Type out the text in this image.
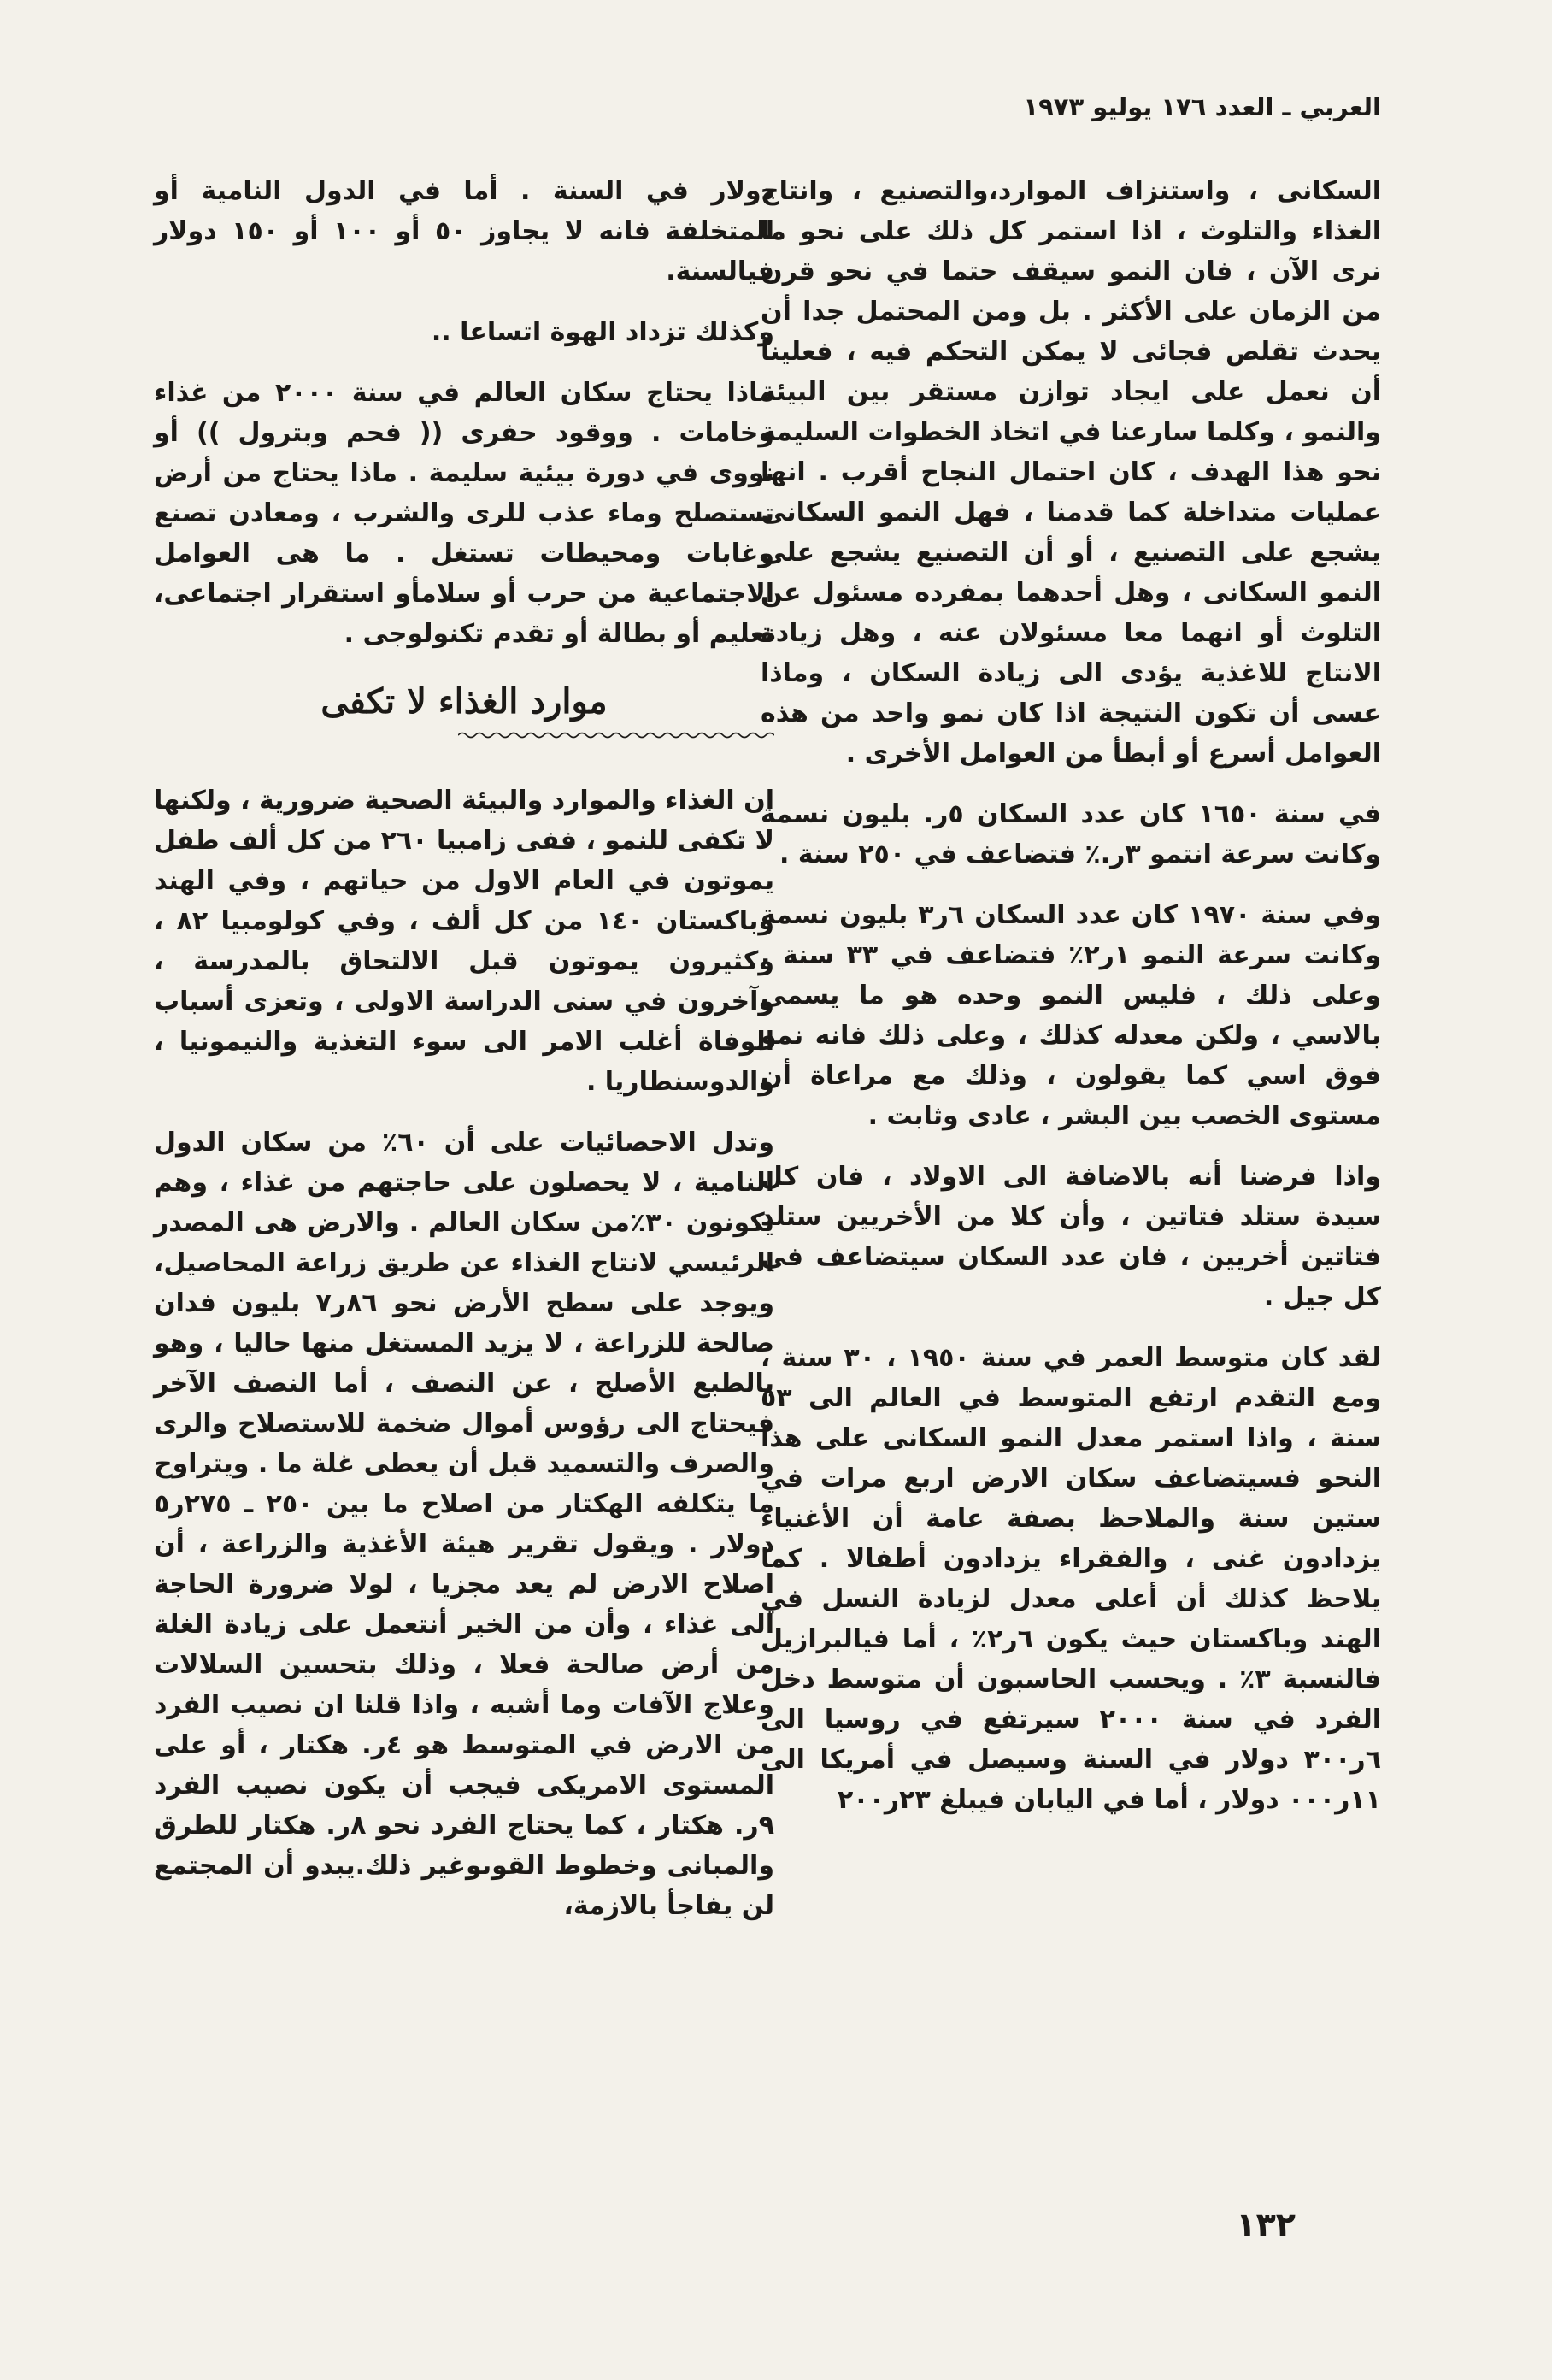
العربي ـ العدد ١٧٦ يوليو ١٩٧٣

السكانى ، واستنزاف الموارد،والتصنيع ، وانتاج الغذاء والتلوث ، اذا استمر كل ذلك على نحو ما نرى الآن ، فان النمو سيقف حتما في نحو قرن من الزمان على الأكثر . بل ومن المحتمل جدا أن يحدث تقلص فجائى لا يمكن التحكم فيه ، فعلينا أن نعمل على ايجاد توازن مستقر بين البيئة والنمو ، وكلما سارعنا في اتخاذ الخطوات السليمة نحو هذا الهدف ، كان احتمال النجاح أقرب . انها عمليات متداخلة كما قدمنا ، فهل النمو السكانى يشجع على التصنيع ، أو أن التصنيع يشجع على النمو السكانى ، وهل أحدهما بمفرده مسئول عن التلوث أو انهما معا مسئولان عنه ، وهل زيادة الانتاج للاغذية يؤدى الى زيادة السكان ، وماذا عسى أن تكون النتيجة اذا كان نمو واحد من هذه العوامل أسرع أو أبطأ من العوامل الأخرى .

في سنة ١٦٥٠ كان عدد السكان ٥ر. بليون نسمة وكانت سرعة انتمو ٣ر.٪ فتضاعف في ٢٥٠ سنة .

وفي سنة ١٩٧٠ كان عدد السكان ٦ر٣ بليون نسمة وكانت سرعة النمو ١ر٢٪ فتضاعف في ٣٣ سنة . وعلى ذلك ، فليس النمو وحده هو ما يسمى بالاسي ، ولكن معدله كذلك ، وعلى ذلك فانه نمو فوق اسي كما يقولون ، وذلك مع مراعاة أن مستوى الخصب بين البشر ، عادى وثابت .

واذا فرضنا أنه بالاضافة الى الاولاد ، فان كل سيدة ستلد فتاتين ، وأن كلا من الأخريين ستلد فتاتين أخريين ، فان عدد السكان سيتضاعف في كل جيل .

لقد كان متوسط العمر في سنة ١٩٥٠ ، ٣٠ سنة ، ومع التقدم ارتفع المتوسط في العالم الى ٥٣ سنة ، واذا استمر معدل النمو السكانى على هذا النحو فسيتضاعف سكان الارض اربع مرات في ستين سنة والملاحظ بصفة عامة أن الأغنياء يزدادون غنى ، والفقراء يزدادون أطفالا . كما يلاحظ كذلك أن أعلى معدل لزيادة النسل في الهند وباكستان حيث يكون ٦ر٢٪ ، أما فيالبرازيل فالنسبة ٣٪ . ويحسب الحاسبون أن متوسط دخل الفرد في سنة ٢٠٠٠ سيرتفع في روسيا الى ٦ر٣٠٠ دولار في السنة وسيصل في أمريكا الى ١١ر٠٠٠ دولار ، أما في اليابان فيبلغ ٢٣ر٢٠٠

دولار في السنة . أما في الدول النامية أو المتخلفة فانه لا يجاوز ٥٠ أو ١٠٠ أو ١٥٠ دولار فيالسنة.

وكذلك تزداد الهوة اتساعا ..

ماذا يحتاج سكان العالم في سنة ٢٠٠٠ من غذاء وخامات . ووقود حفرى (( فحم وبترول )) أو نووى في دورة بيئية سليمة . ماذا يحتاج من أرض تستصلح وماء عذب للرى والشرب ، ومعادن تصنع وغابات ومحيطات تستغل . ما هى العوامل الاجتماعية من حرب أو سلامأو استقرار اجتماعى، تعليم أو بطالة أو تقدم تكنولوجى .

موارد الغذاء لا تكفى

ان الغذاء والموارد والبيئة الصحية ضرورية ، ولكنها لا تكفى للنمو ، ففى زامبيا ٢٦٠ من كل ألف طفل يموتون في العام الاول من حياتهم ، وفي الهند وباكستان ١٤٠ من كل ألف ، وفي كولومبيا ٨٢ ، وكثيرون يموتون قبل الالتحاق بالمدرسة ، وآخرون في سنى الدراسة الاولى ، وتعزى أسباب الوفاة أغلب الامر الى سوء التغذية والنيمونيا ، والدوسنطاريا .

وتدل الاحصائيات على أن ٦٠٪ من سكان الدول النامية ، لا يحصلون على حاجتهم من غذاء ، وهم يكونون ٣٠٪من سكان العالم . والارض هى المصدر الرئيسي لانتاج الغذاء عن طريق زراعة المحاصيل، ويوجد على سطح الأرض نحو ٨٦ر٧ بليون فدان صالحة للزراعة ، لا يزيد المستغل منها حاليا ، وهو بالطبع الأصلح ، عن النصف ، أما النصف الآخر فيحتاج الى رؤوس أموال ضخمة للاستصلاح والرى والصرف والتسميد قبل أن يعطى غلة ما . ويتراوح ما يتكلفه الهكتار من اصلاح ما بين ٢٥٠ ـ ٢٧٥ر٥ دولار . ويقول تقرير هيئة الأغذية والزراعة ، أن اصلاح الارض لم يعد مجزيا ، لولا ضرورة الحاجة الى غذاء ، وأن من الخير أنتعمل على زيادة الغلة من أرض صالحة فعلا ، وذلك بتحسين السلالات وعلاج الآفات وما أشبه ، واذا قلنا ان نصيب الفرد من الارض في المتوسط هو ٤ر. هكتار ، أو على المستوى الامريكى فيجب أن يكون نصيب الفرد ٩ر. هكتار ، كما يحتاج الفرد نحو ٨ر. هكتار للطرق والمبانى وخطوط القوىوغير ذلك.يبدو أن المجتمع لن يفاجأ بالازمة،

١٣٢
